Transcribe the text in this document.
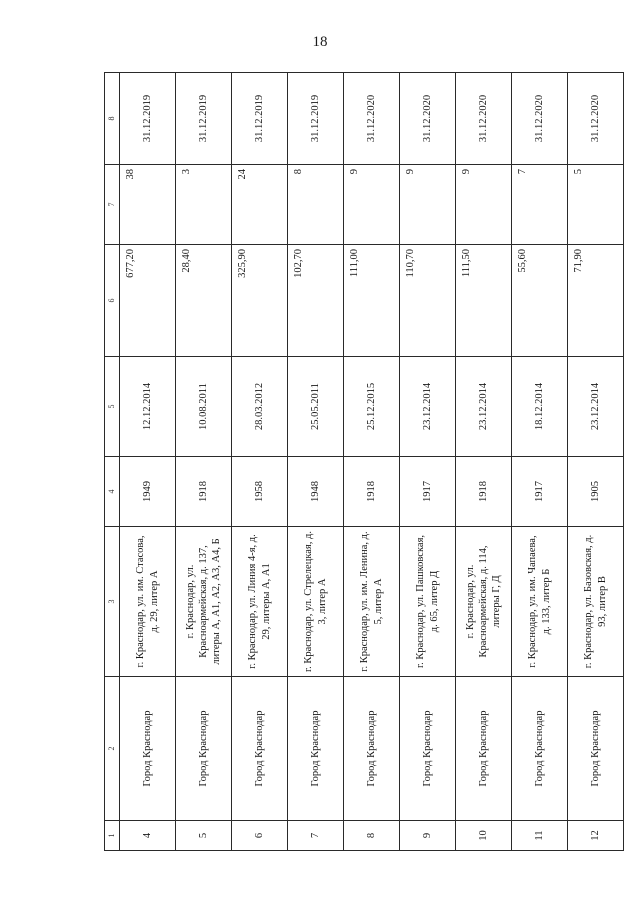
18
1	2	3	4	5	6	7	8
4	Город Краснодар	г. Краснодар, ул. им. Стасова, д. 29, литер А	1949	12.12.2014	677,20	38	31.12.2019
5	Город Краснодар	г. Краснодар, ул. Красноармейская, д. 137, литеры А, А1, А2, А3, А4, Б	1918	10.08.2011	28,40	3	31.12.2019
6	Город Краснодар	г. Краснодар, ул. Линия 4-я, д. 29, литеры А, А1	1958	28.03.2012	325,90	24	31.12.2019
7	Город Краснодар	г. Краснодар, ул. Стрелецкая, д. 3, литер А	1948	25.05.2011	102,70	8	31.12.2019
8	Город Краснодар	г. Краснодар, ул. им. Ленина, д. 5, литер А	1918	25.12.2015	111,00	9	31.12.2020
9	Город Краснодар	г. Краснодар, ул. Пашковская, д. 65, литер Д	1917	23.12.2014	110,70	9	31.12.2020
10	Город Краснодар	г. Краснодар, ул. Красноармейская, д. 114, литеры Г, Д	1918	23.12.2014	111,50	9	31.12.2020
11	Город Краснодар	г. Краснодар, ул. им. Чапаева, д. 133, литер Б	1917	18.12.2014	55,60	7	31.12.2020
12	Город Краснодар	г. Краснодар, ул. Базовская, д. 93, литер В	1905	23.12.2014	71,90	5	31.12.2020
